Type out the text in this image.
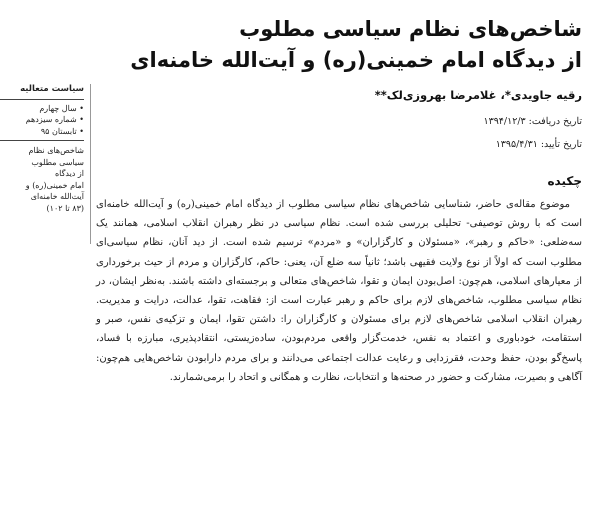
شاخص‌های نظام سیاسی مطلوب
از دیدگاه امام خمینی(ره) و آیت‌الله خامنه‌ای
رقیه جاویدی*، غلامرضا بهروزی‌لک**
تاریخ دریافت: ۱۳۹۴/۱۲/۳
تاریخ تأیید: ۱۳۹۵/۴/۳۱
چکیده
موضوع مقاله‌ی حاضر، شناسایی شاخص‌های نظام سیاسی مطلوب از دیدگاه امام خمینی(ره) و آیت‌الله خامنه‌ای است که با روش توصیفی- تحلیلی بررسی شده است. نظام سیاسی در نظر رهبران انقلاب اسلامی، همانند یک سه‌ضلعی: «حاکم و رهبر»، «مسئولان و کارگزاران» و «مردم» ترسیم شده است. از دید آنان، نظام سیاسی‌ای مطلوب است که اولاً از نوع ولایت فقیهی باشد؛ ثانیاً سه ضلع آن، یعنی: حاکم، کارگزاران و مردم از حیث برخورداری از معیارهای اسلامی، هم‌چون: اصل‌بودن ایمان و تقوا، شاخص‌های متعالی و برجسته‌ای داشته باشند. به‌نظر ایشان، در نظام سیاسی مطلوب، شاخص‌های لازم برای حاکم و رهبر عبارت است از: فقاهت، تقوا، عدالت، درایت و مدیریت. رهبران انقلاب اسلامی شاخص‌های لازم برای مسئولان و کارگزاران را: داشتن تقوا، ایمان و تزکیه‌ی نفس، صبر و استقامت، خودباوری و اعتماد به نفس، خدمت‌گزار واقعی مردم‌بودن، ساده‌زیستی، انتقادپذیری، مبارزه با فساد، پاسخ‌گو بودن، حفظ وحدت، فقرزدایی و رعایت عدالت اجتماعی می‌دانند و برای مردم دارابودن شاخص‌هایی هم‌چون: آگاهی و بصیرت، مشارکت و حضور در صحنه‌ها و انتخابات، نظارت و همگانی و اتحاد را برمی‌شمارند.
سیاست متعالیه
• سال چهارم
• شماره سیزدهم
• تابستان ۹۵
شاخص‌های نظام
سیاسی مطلوب
از دیدگاه
امام خمینی(ره) و
آیت‌الله خامنه‌ای
(۸۳ تا ۱۰۲)
